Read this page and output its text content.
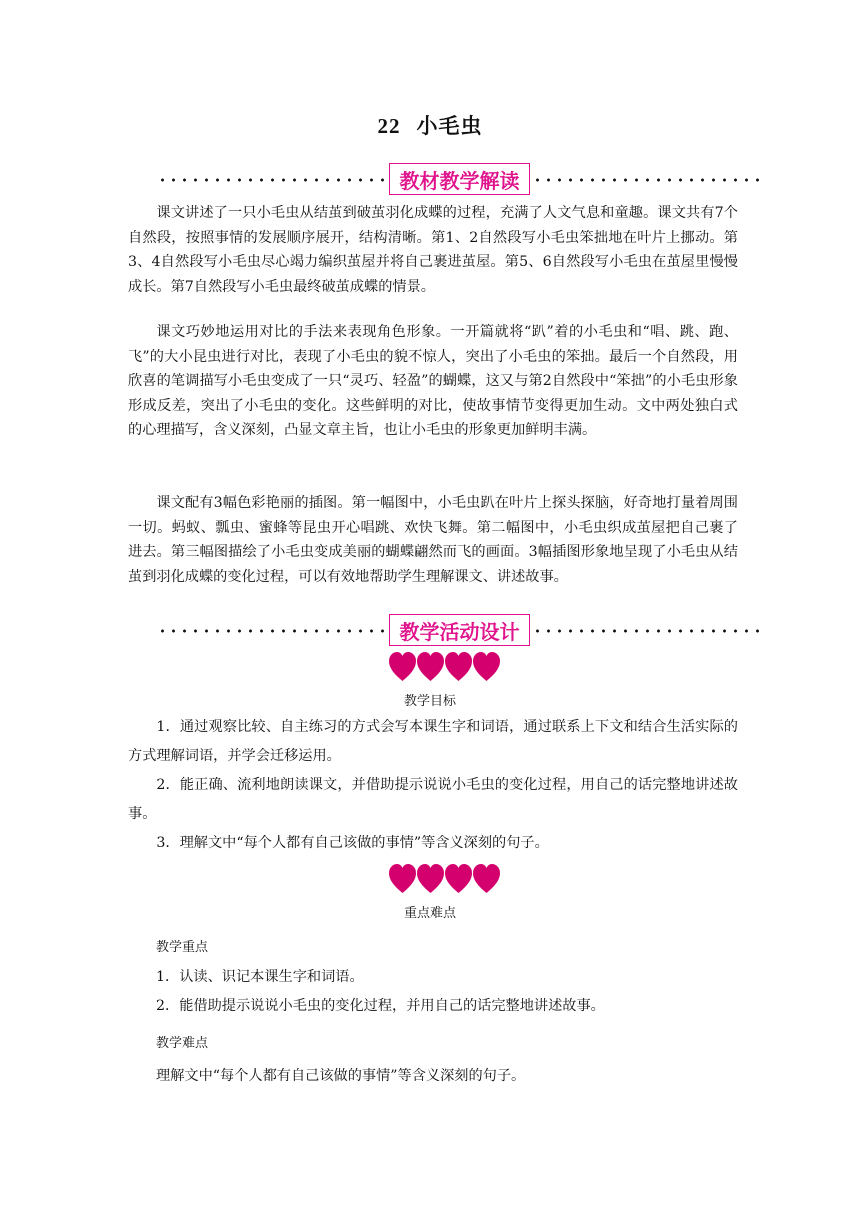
22 小毛虫
教材教学解读

课文讲述了一只小毛虫从结茧到破茧羽化成蝶的过程，充满了人文气息和童趣。课文共有7个自然段，按照事情的发展顺序展开，结构清晰。第1、2自然段写小毛虫笨拙地在叶片上挪动。第3、4自然段写小毛虫尽心竭力编织茧屋并将自己裹进茧屋。第5、6自然段写小毛虫在茧屋里慢慢成长。第7自然段写小毛虫最终破茧成蝶的情景。

课文巧妙地运用对比的手法来表现角色形象。一开篇就将“趴”着的小毛虫和“唱、跳、跑、飞”的大小昆虫进行对比，表现了小毛虫的貌不惊人，突出了小毛虫的笨拙。最后一个自然段，用欣喜的笔调描写小毛虫变成了一只“灵巧、轻盈”的蝴蝶，这又与第2自然段中“笨拙”的小毛虫形象形成反差，突出了小毛虫的变化。这些鲜明的对比，使故事情节变得更加生动。文中两处独白式的心理描写，含义深刻，凸显文章主旨，也让小毛虫的形象更加鲜明丰满。

课文配有3幅色彩艳丽的插图。第一幅图中，小毛虫趴在叶片上探头探脑，好奇地打量着周围一切。蚂蚁、瓢虫、蜜蜂等昆虫开心唱跳、欢快飞舞。第二幅图中，小毛虫织成茧屋把自己裹了进去。第三幅图描绘了小毛虫变成美丽的蝴蝶翩然而飞的画面。3幅插图形象地呈现了小毛虫从结茧到羽化成蝶的变化过程，可以有效地帮助学生理解课文、讲述故事。

教学活动设计
教学目标

1．通过观察比较、自主练习的方式会写本课生字和词语，通过联系上下文和结合生活实际的方式理解词语，并学会迁移运用。

2．能正确、流利地朗读课文，并借助提示说说小毛虫的变化过程，用自己的话完整地讲述故事。

3．理解文中“每个人都有自己该做的事情”等含义深刻的句子。

重点难点
教学重点
1．认读、识记本课生字和词语。
2．能借助提示说说小毛虫的变化过程，并用自己的话完整地讲述故事。
教学难点
理解文中“每个人都有自己该做的事情”等含义深刻的句子。
